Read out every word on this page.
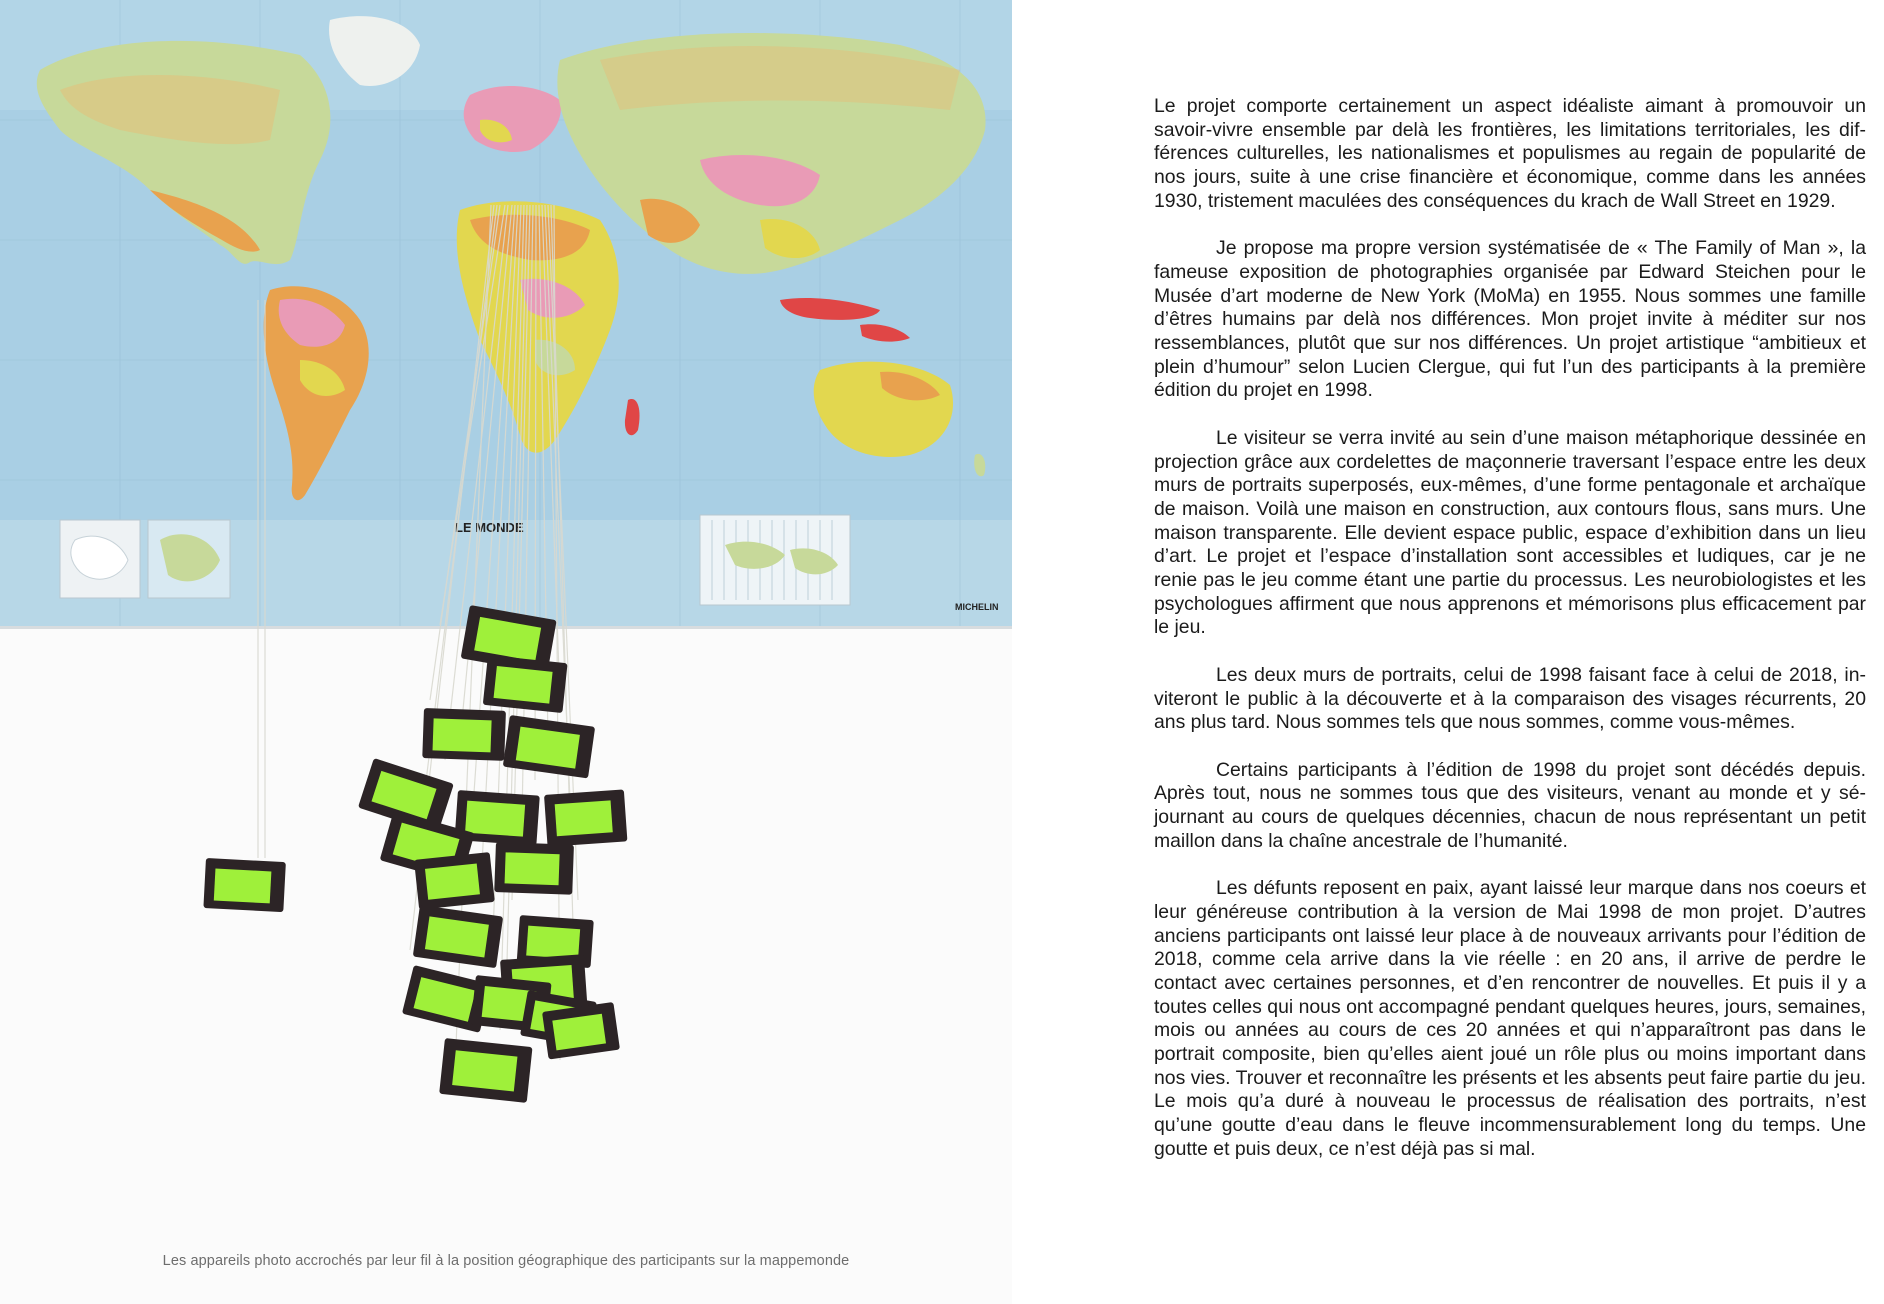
LE MONDE
MICHELIN
Les appareils photo accrochés par leur fil à la position géographique des participants sur la mappemonde

Le projet comporte certainement un aspect idéaliste aimant à promouvoir un savoir-vivre ensemble par delà les frontières, les limitations territoriales, les différences culturelles, les nationalismes et populismes au regain de popularité de nos jours, suite à une crise financière et économique, comme dans les années 1930, tristement maculées des conséquences du krach de Wall Street en 1929.

Je propose ma propre version systématisée de « The Family of Man », la fameuse exposition de photographies organisée par Edward Steichen pour le Musée d’art moderne de New York (MoMa) en 1955. Nous sommes une famille d’êtres humains par delà nos différences. Mon projet invite à méditer sur nos ressemblances, plutôt que sur nos différences. Un projet artistique “ambitieux et plein d’humour” selon Lucien Clergue, qui fut l’un des participants à la première édition du projet en 1998.

Le visiteur se verra invité au sein d’une maison métaphorique dessinée en projection grâce aux cordelettes de maçonnerie traversant l’espace entre les deux murs de portraits superposés, eux-mêmes, d’une forme pentagonale et archaïque de maison. Voilà une maison en construction, aux contours flous, sans murs. Une maison transparente. Elle devient espace public, espace d’exhibition dans un lieu d’art. Le projet et l’espace d’installation sont accessibles et ludiques, car je ne renie pas le jeu comme étant une partie du processus. Les neurobiologistes et les psychologues affirment que nous apprenons et mémorisons plus efficacement par le jeu.

Les deux murs de portraits, celui de 1998 faisant face à celui de 2018, inviteront le public à la découverte et à la comparaison des visages récurrents, 20 ans plus tard. Nous sommes tels que nous sommes, comme vous-mêmes.

Certains participants à l’édition de 1998 du projet sont décédés depuis. Après tout, nous ne sommes tous que des visiteurs, venant au monde et y séjournant au cours de quelques décennies, chacun de nous représentant un petit maillon dans la chaîne ancestrale de l’humanité.

Les défunts reposent en paix, ayant laissé leur marque dans nos coeurs et leur généreuse contribution à la version de Mai 1998 de mon projet. D’autres anciens participants ont laissé leur place à de nouveaux arrivants pour l’édition de 2018, comme cela arrive dans la vie réelle : en 20 ans, il arrive de perdre le contact avec certaines personnes, et d’en rencontrer de nouvelles. Et puis il y a toutes celles qui nous ont accompagné pendant quelques heures, jours, semaines, mois ou années au cours de ces 20 années et qui n’apparaîtront pas dans le portrait composite, bien qu’elles aient joué un rôle plus ou moins important dans nos vies. Trouver et reconnaître les présents et les absents peut faire partie du jeu. Le mois qu’a duré à nouveau le processus de réalisation des portraits, n’est qu’une goutte d’eau dans le fleuve incommensurablement long du temps. Une goutte et puis deux, ce n’est déjà pas si mal.
